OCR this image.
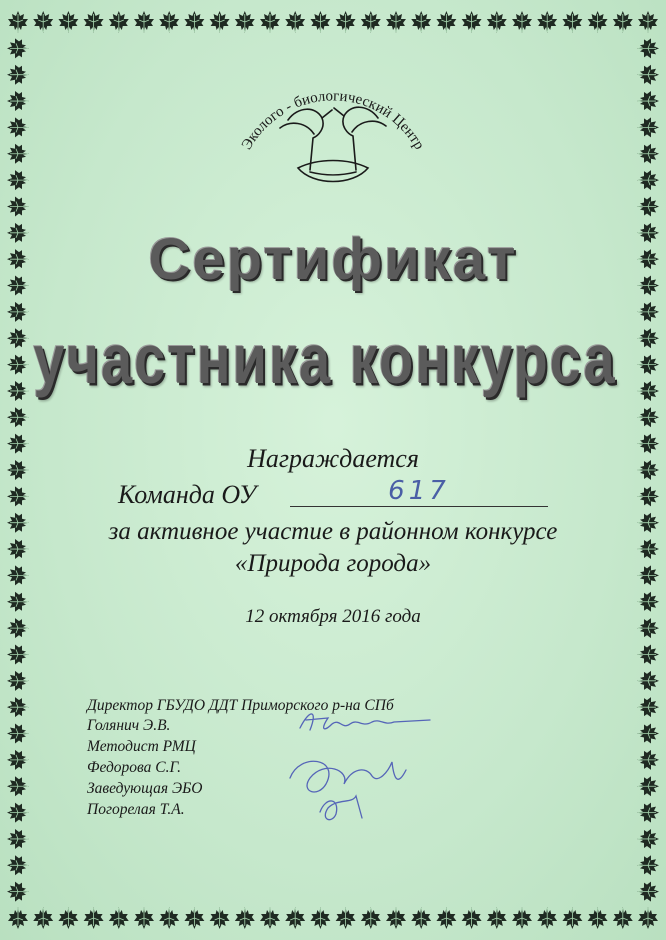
Эколого - биологический Центр
Сертификат
участника конкурса

Награждается

Команда ОУ	617

за активное участие в районном конкурсе

«Природа города»

12 октября 2016 года

Директор ГБУДО ДДТ Приморского р-на СПб

Голянич Э.В.

Методист РМЦ

Федорова С.Г.

Заведующая ЭБО

Погорелая Т.А.
